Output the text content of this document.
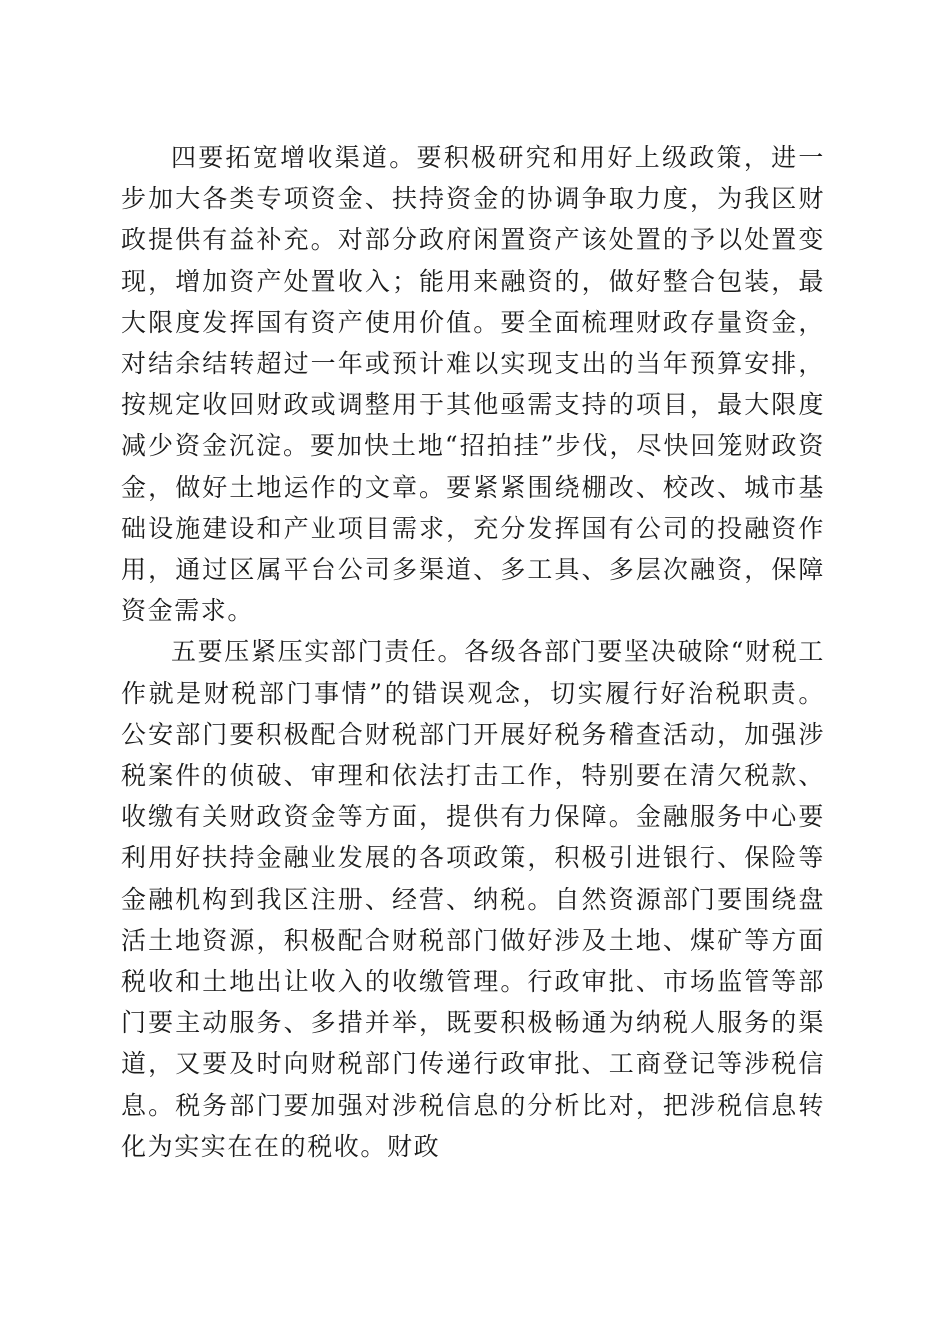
四要拓宽增收渠道。要积极研究和用好上级政策，进一步加大各类专项资金、扶持资金的协调争取力度，为我区财政提供有益补充。对部分政府闲置资产该处置的予以处置变现，增加资产处置收入；能用来融资的，做好整合包装，最大限度发挥国有资产使用价值。要全面梳理财政存量资金，对结余结转超过一年或预计难以实现支出的当年预算安排，按规定收回财政或调整用于其他亟需支持的项目，最大限度减少资金沉淀。要加快土地“招拍挂”步伐，尽快回笼财政资金，做好土地运作的文章。要紧紧围绕棚改、校改、城市基础设施建设和产业项目需求，充分发挥国有公司的投融资作用，通过区属平台公司多渠道、多工具、多层次融资，保障资金需求。

五要压紧压实部门责任。各级各部门要坚决破除“财税工作就是财税部门事情”的错误观念，切实履行好治税职责。公安部门要积极配合财税部门开展好税务稽查活动，加强涉税案件的侦破、审理和依法打击工作，特别要在清欠税款、收缴有关财政资金等方面，提供有力保障。金融服务中心要利用好扶持金融业发展的各项政策，积极引进银行、保险等金融机构到我区注册、经营、纳税。自然资源部门要围绕盘活土地资源，积极配合财税部门做好涉及土地、煤矿等方面税收和土地出让收入的收缴管理。行政审批、市场监管等部门要主动服务、多措并举，既要积极畅通为纳税人服务的渠道，又要及时向财税部门传递行政审批、工商登记等涉税信息。税务部门要加强对涉税信息的分析比对，把涉税信息转化为实实在在的税收。财政
